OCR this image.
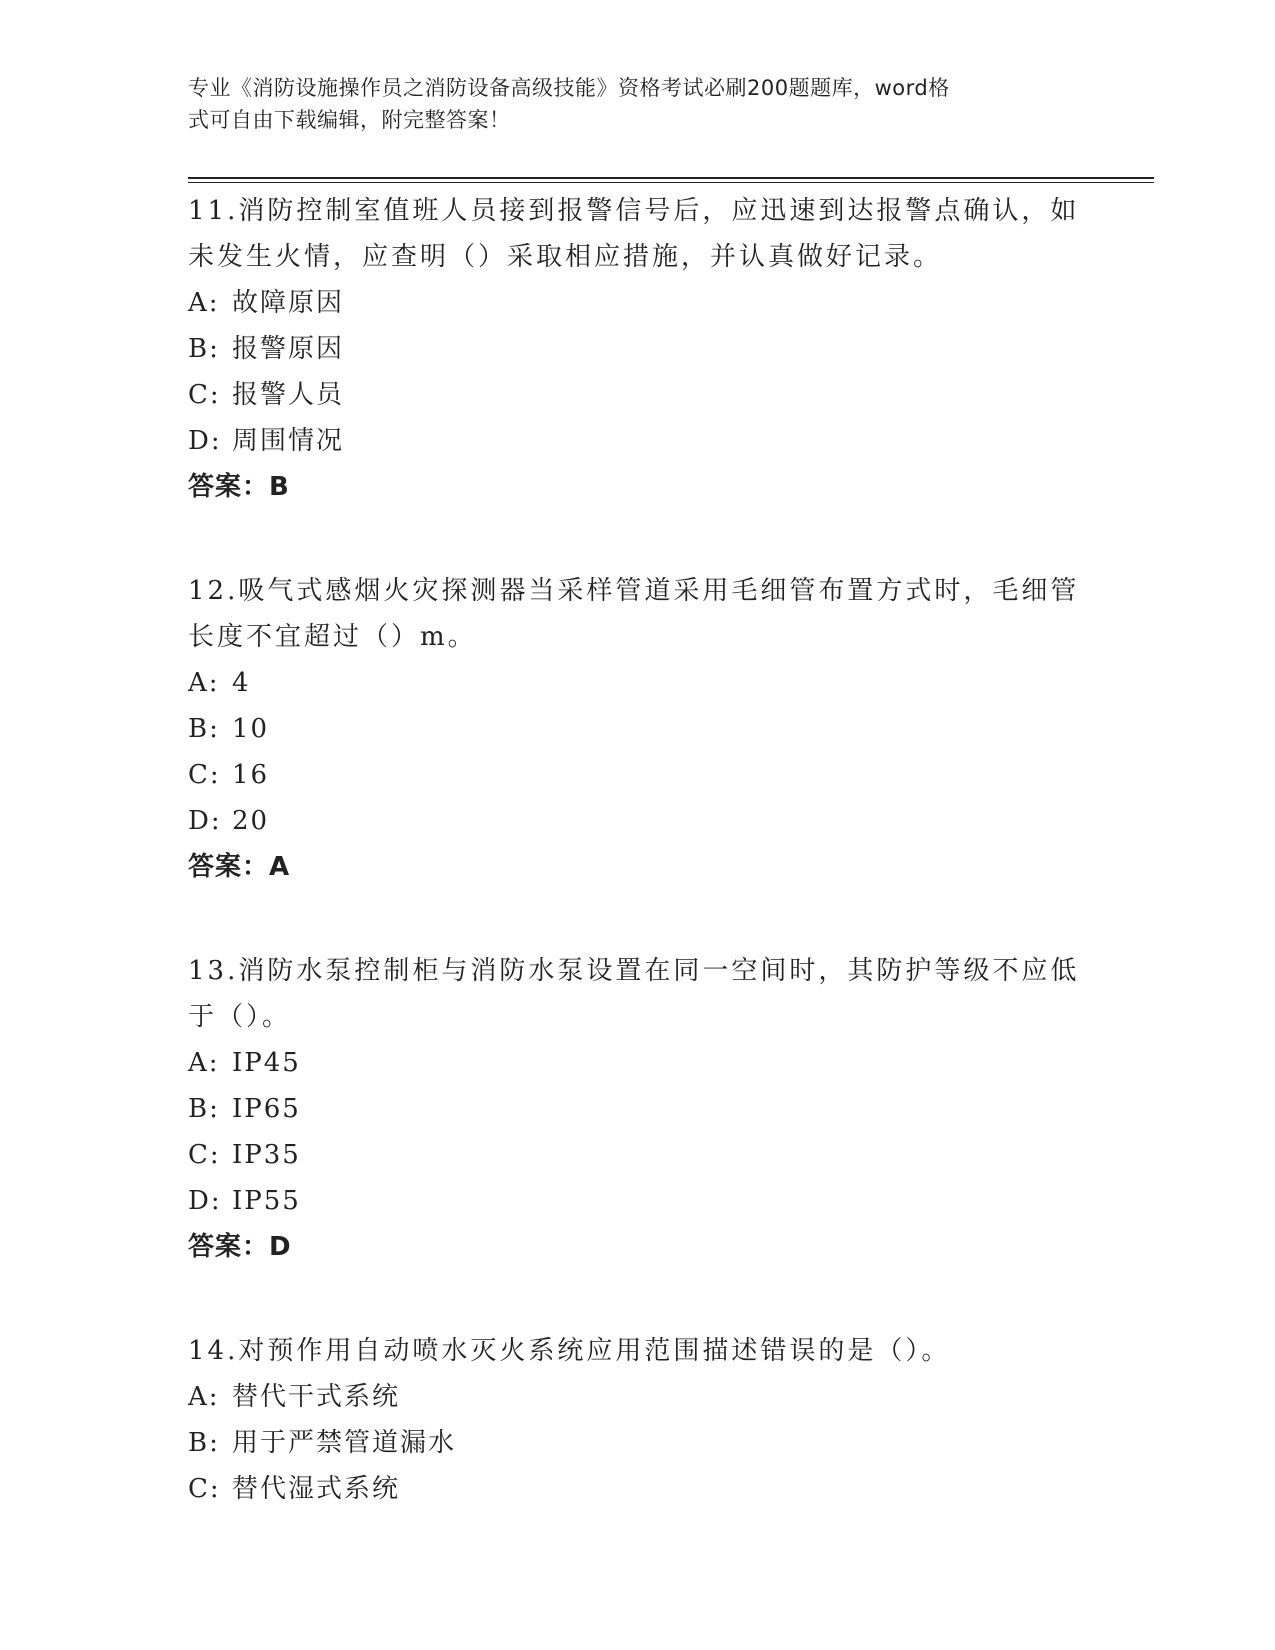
专业《消防设施操作员之消防设备高级技能》资格考试必刷200题题库，word格
式可自由下载编辑，附完整答案！
11.消防控制室值班人员接到报警信号后，应迅速到达报警点确认，如
未发生火情，应查明（）采取相应措施，并认真做好记录。
A: 故障原因
B: 报警原因
C: 报警人员
D: 周围情况
答案：B
12.吸气式感烟火灾探测器当采样管道采用毛细管布置方式时，毛细管
长度不宜超过（）m。
A: 4
B: 10
C: 16
D: 20
答案：A
13.消防水泵控制柜与消防水泵设置在同一空间时，其防护等级不应低
于（）。
A: IP45
B: IP65
C: IP35
D: IP55
答案：D
14.对预作用自动喷水灭火系统应用范围描述错误的是（）。
A: 替代干式系统
B: 用于严禁管道漏水
C: 替代湿式系统
